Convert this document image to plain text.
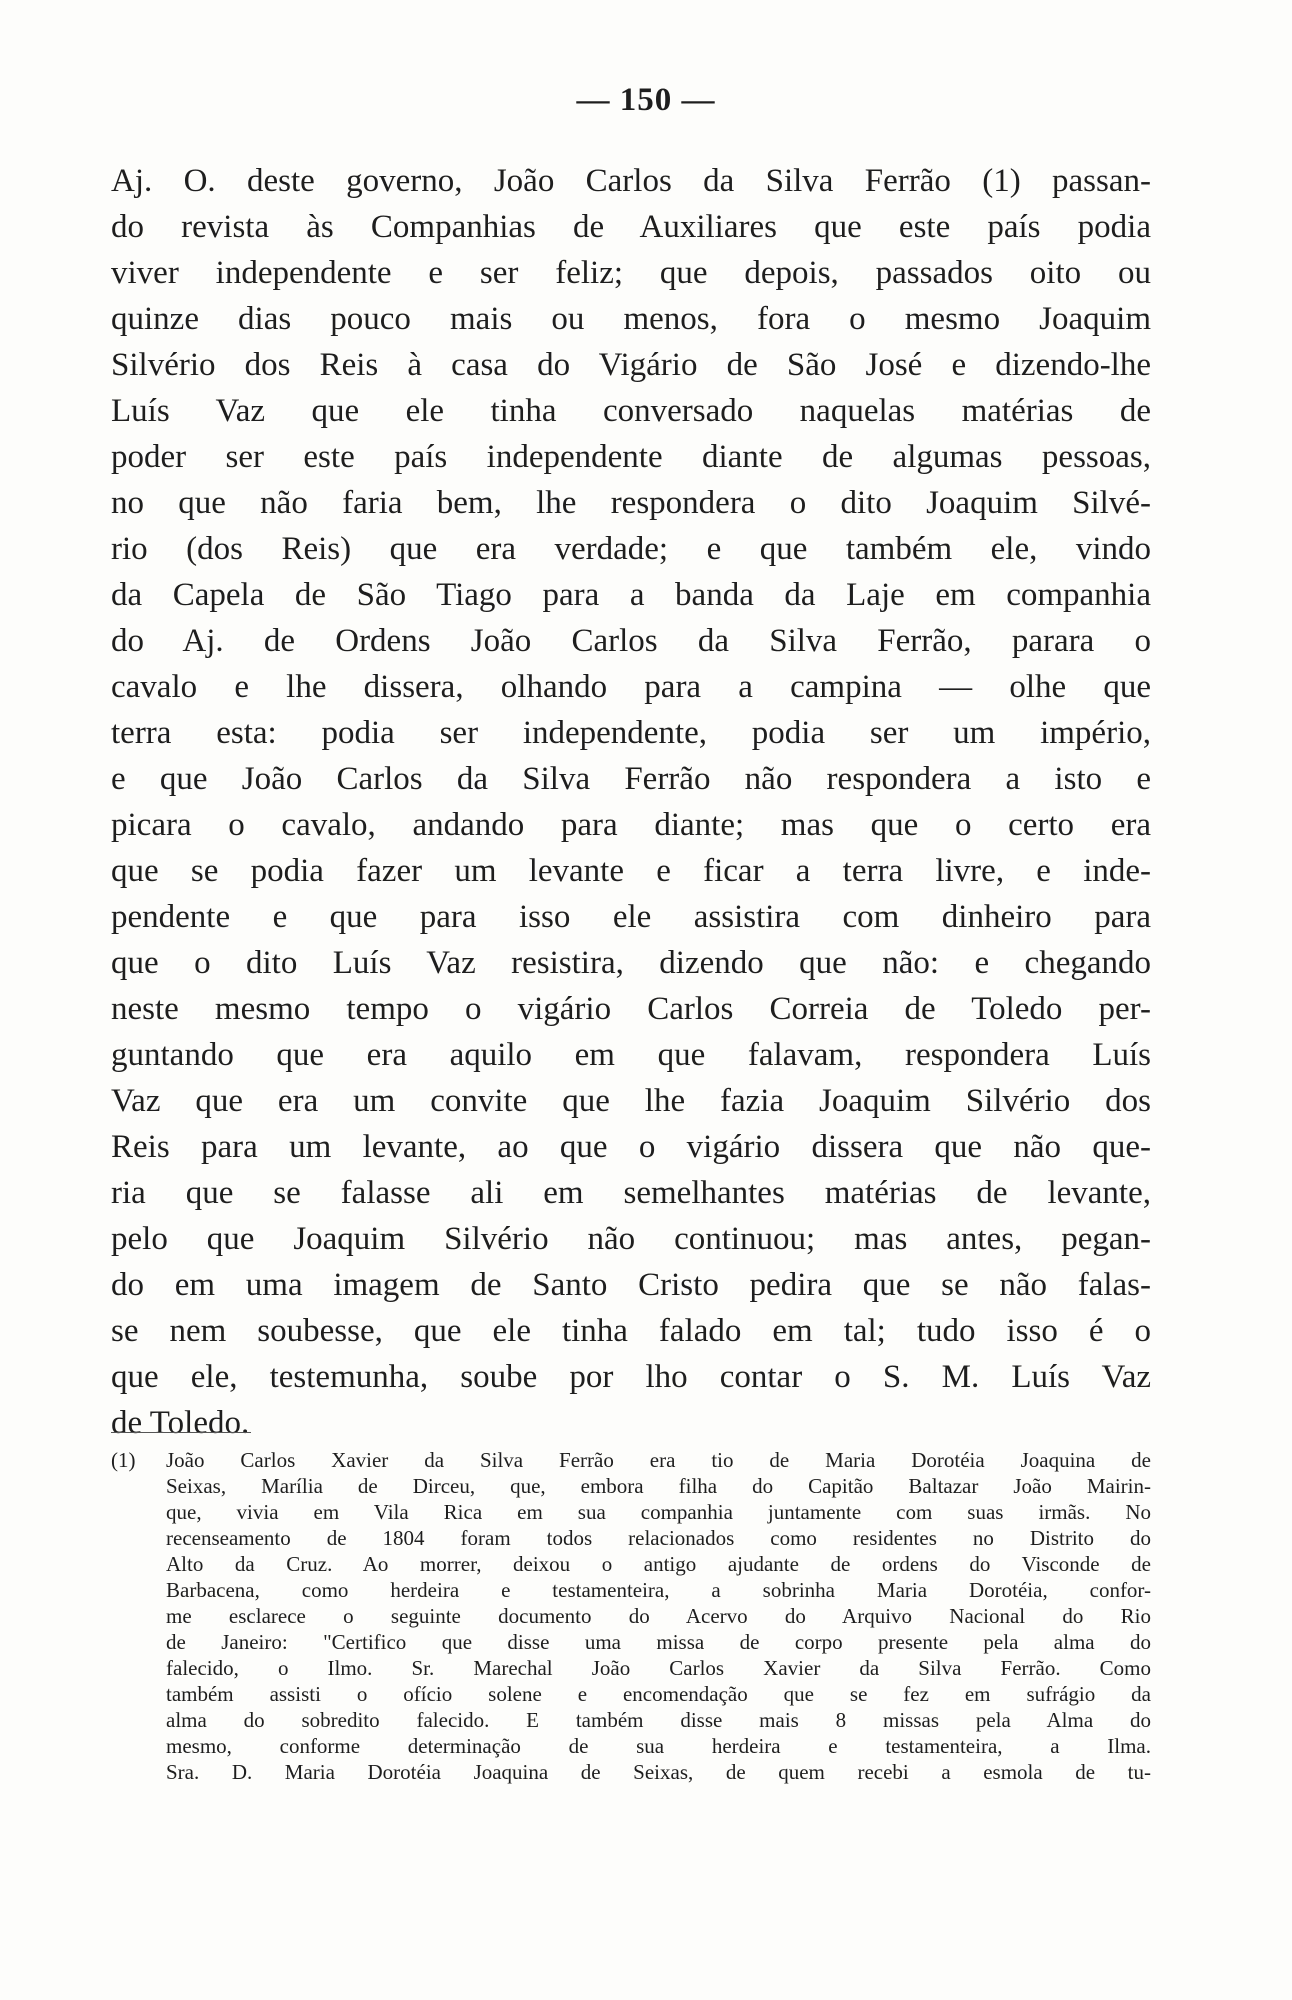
— 150 —
Aj. O. deste governo, João Carlos da Silva Ferrão (1) passan-
do revista às Companhias de Auxiliares que este país podia
viver independente e ser feliz; que depois, passados oito ou
quinze dias pouco mais ou menos, fora o mesmo Joaquim
Silvério dos Reis à casa do Vigário de São José e dizendo-lhe
Luís Vaz que ele tinha conversado naquelas matérias de
poder ser este país independente diante de algumas pessoas,
no que não faria bem, lhe respondera o dito Joaquim Silvé-
rio (dos Reis) que era verdade; e que também ele, vindo
da Capela de São Tiago para a banda da Laje em companhia
do Aj. de Ordens João Carlos da Silva Ferrão, parara o
cavalo e lhe dissera, olhando para a campina — olhe que
terra esta: podia ser independente, podia ser um império,
e que João Carlos da Silva Ferrão não respondera a isto e
picara o cavalo, andando para diante; mas que o certo era
que se podia fazer um levante e ficar a terra livre, e inde-
pendente e que para isso ele assistira com dinheiro para
que o dito Luís Vaz resistira, dizendo que não: e chegando
neste mesmo tempo o vigário Carlos Correia de Toledo per-
guntando que era aquilo em que falavam, respondera Luís
Vaz que era um convite que lhe fazia Joaquim Silvério dos
Reis para um levante, ao que o vigário dissera que não que-
ria que se falasse ali em semelhantes matérias de levante,
pelo que Joaquim Silvério não continuou; mas antes, pegan-
do em uma imagem de Santo Cristo pedira que se não falas-
se nem soubesse, que ele tinha falado em tal; tudo isso é o
que ele, testemunha, soube por lho contar o S. M. Luís Vaz
de Toledo.
(1) João Carlos Xavier da Silva Ferrão era tio de Maria Dorotéia Joaquina de
Seixas, Marília de Dirceu, que, embora filha do Capitão Baltazar João Mairin-
que, vivia em Vila Rica em sua companhia juntamente com suas irmãs. No
recenseamento de 1804 foram todos relacionados como residentes no Distrito do
Alto da Cruz. Ao morrer, deixou o antigo ajudante de ordens do Visconde de
Barbacena, como herdeira e testamenteira, a sobrinha Maria Dorotéia, confor-
me esclarece o seguinte documento do Acervo do Arquivo Nacional do Rio
de Janeiro: "Certifico que disse uma missa de corpo presente pela alma do
falecido, o Ilmo. Sr. Marechal João Carlos Xavier da Silva Ferrão. Como
também assisti o ofício solene e encomendação que se fez em sufrágio da
alma do sobredito falecido. E também disse mais 8 missas pela Alma do
mesmo, conforme determinação de sua herdeira e testamenteira, a Ilma.
Sra. D. Maria Dorotéia Joaquina de Seixas, de quem recebi a esmola de tu-
